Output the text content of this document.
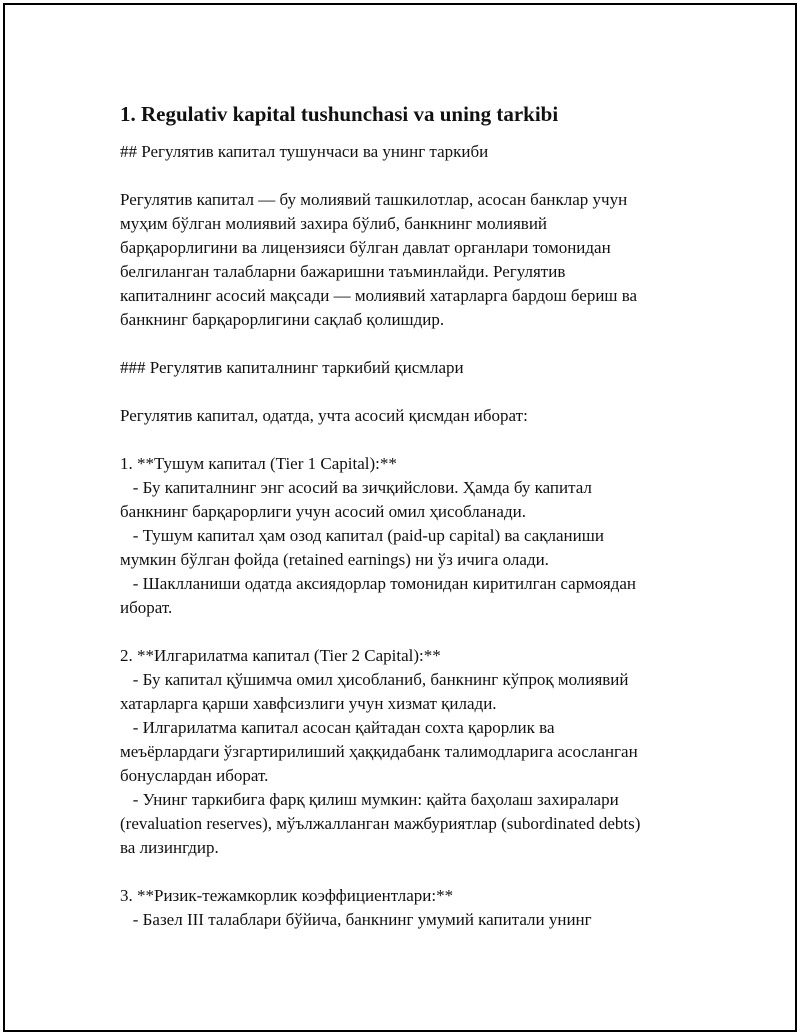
1. Regulativ kapital tushunchasi va uning tarkibi

## Регулятив капитал тушунчаси ва унинг таркиби

Регулятив капитал — бу молиявий ташкилотлар, асосан банклар учун

муҳим бўлган молиявий захира бўлиб, банкнинг молиявий

барқарорлигини ва лицензияси бўлган давлат органлари томонидан

белгиланган талабларни бажаришни таъминлайди. Регулятив

капиталнинг асосий мақсади — молиявий хатарларга бардош бериш ва

банкнинг барқарорлигини сақлаб қолишдир.

### Регулятив капиталнинг таркибий қисмлари

Регулятив капитал, одатда, учта асосий қисмдан иборат:

1. **Тушум капитал (Tier 1 Capital):**

- Бу капиталнинг энг асосий ва зичқийслови. Ҳамда бу капитал

банкнинг барқарорлиги учун асосий омил ҳисобланади.

- Тушум капитал ҳам озод капитал (paid-up capital) ва сақланиши

мумкин бўлган фойда (retained earnings) ни ўз ичига олади.

- Шаклланиши одатда аксиядорлар томонидан киритилган сармоядан

иборат.

2. **Илгарилатма капитал (Tier 2 Capital):**

- Бу капитал қўшимча омил ҳисобланиб, банкнинг кўпроқ молиявий

хатарларга қарши хавфсизлиги учун хизмат қилади.

- Илгарилатма капитал асосан қайтадан сохта қарорлик ва

меъёрлардаги ўзгартирилиший ҳаққидабанк талимодларига асосланган

бонуслардан иборат.

- Унинг таркибига фарқ қилиш мумкин: қайта баҳолаш захиралари

(revaluation reserves), мўължалланган мажбуриятлар (subordinated debts)

ва лизингдир.

3. **Ризик-тежамкорлик коэффициентлари:**

- Базел III талаблари бўйича, банкнинг умумий капитали унинг
